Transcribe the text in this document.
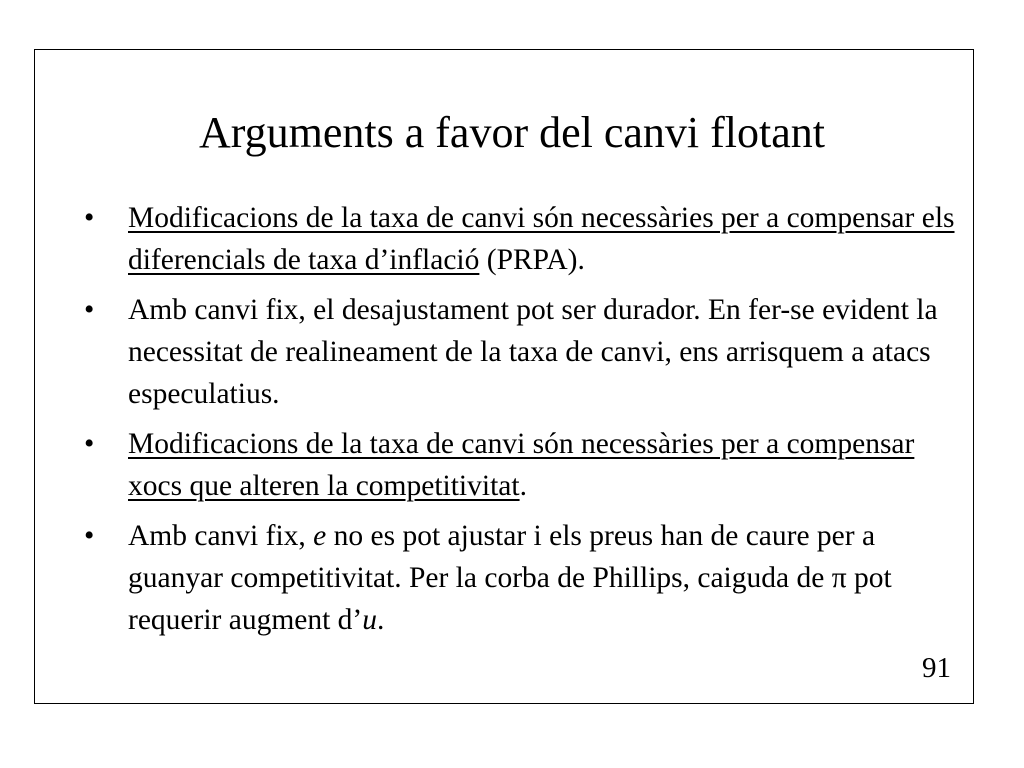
Arguments a favor del canvi flotant
•	Modificacions de la taxa de canvi són necessàries per a compensar els diferencials de taxa d’inflació (PRPA).
•	Amb canvi fix, el desajustament pot ser durador. En fer-se evident la necessitat de realineament de la taxa de canvi, ens arrisquem a atacs especulatius.
•	Modificacions de la taxa de canvi són necessàries per a compensar xocs que alteren la competitivitat.
•	Amb canvi fix, e no es pot ajustar i els preus han de caure per a guanyar competitivitat. Per la corba de Phillips, caiguda de π pot requerir augment d’u.
91
